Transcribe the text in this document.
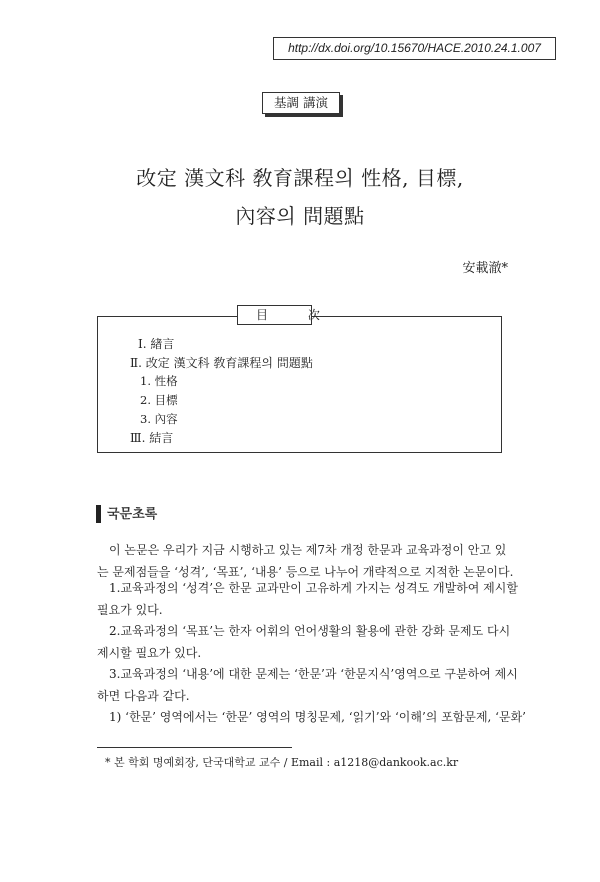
http://dx.doi.org/10.15670/HACE.2010.24.1.007
基調 講演
改定 漢文科 敎育課程의 性格, 目標,
內容의 問題點
安載澈*
目 次
Ⅰ. 緖言
Ⅱ. 改定 漢文科 敎育課程의 問題點
1. 性格
2. 目標
3. 內容
Ⅲ. 結言
국문초록
이 논문은 우리가 지금 시행하고 있는 제7차 개정 한문과 교육과정이 안고 있
는 문제점들을 ‘성격’, ‘목표’, ‘내용’ 등으로 나누어 개략적으로 지적한 논문이다.
1.교육과정의 ‘성격’은 한문 교과만이 고유하게 가지는 성격도 개발하여 제시할
필요가 있다.
2.교육과정의 ‘목표’는 한자 어휘의 언어생활의 활용에 관한 강화 문제도 다시
제시할 필요가 있다.
3.교육과정의 ‘내용’에 대한 문제는 ‘한문’과 ‘한문지식’영역으로 구분하여 제시
하면 다음과 같다.
1) ‘한문’ 영역에서는 ‘한문’ 영역의 명칭문제, ‘읽기’와 ‘이해’의 포함문제, ‘문화’
* 본 학회 명예회장, 단국대학교 교수 / Email : a1218@dankook.ac.kr
